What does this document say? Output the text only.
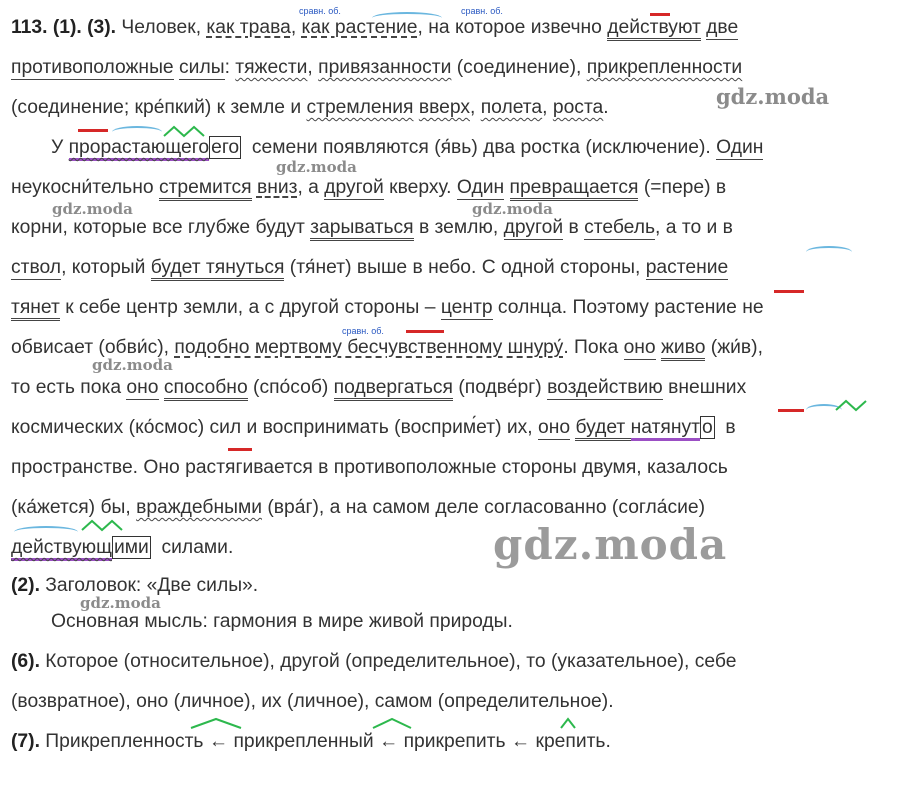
сравн. об.	сравн. об.
сравн. об.
113. (1). (3). Человек, как трава, как растение, на которое извечно действуют две
противоположные силы: тяжести, привязанности (соединение), прикрепленности
(соединение; кре́пкий) к земле и стремления вверх, полета, роста.
У прорастающего его  семени появляются (я́вь) два ростка (исключение). Один
неукосни́тельно стремится вниз, а другой кверху. Один превращается (=пере) в
корни, которые все глубже будут зарываться в землю, другой в стебель, а то и в
ствол, который будет тянуться (тя́нет) выше в небо. С одной стороны, растение
тянет к себе центр земли, а с другой стороны – центр солнца. Поэтому растение не
обвисает (обви́с), подобно мертвому бесчувственному шнуру́. Пока оно живо (жи́в),
то есть пока оно способно (спо́соб) подвергаться (подве́рг) воздействию внешних
космических (ко́смос) сил и воспринимать (восприм́ет) их, оно будет натянут о  в
пространстве. Оно растягивается в противоположные стороны двумя, казалось
(ка́жется) бы, враждебными (вра́г), а на самом деле согласованно (согла́сие)
действующ ими  силами.
(2). Заголовок: «Две силы».
Основная мысль: гармония в мире живой природы.
(6). Которое (относительное), другой (определительное), то (указательное), себе
(возвратное), оно (личное), их (личное), самом (определительное).
(7). Прикрепленность ← прикрепленный ← прикрепить ← крепить.
gdz.moda
gdz.moda
gdz.moda	gdz.moda
gdz.moda
gdz.moda
gdz.moda
